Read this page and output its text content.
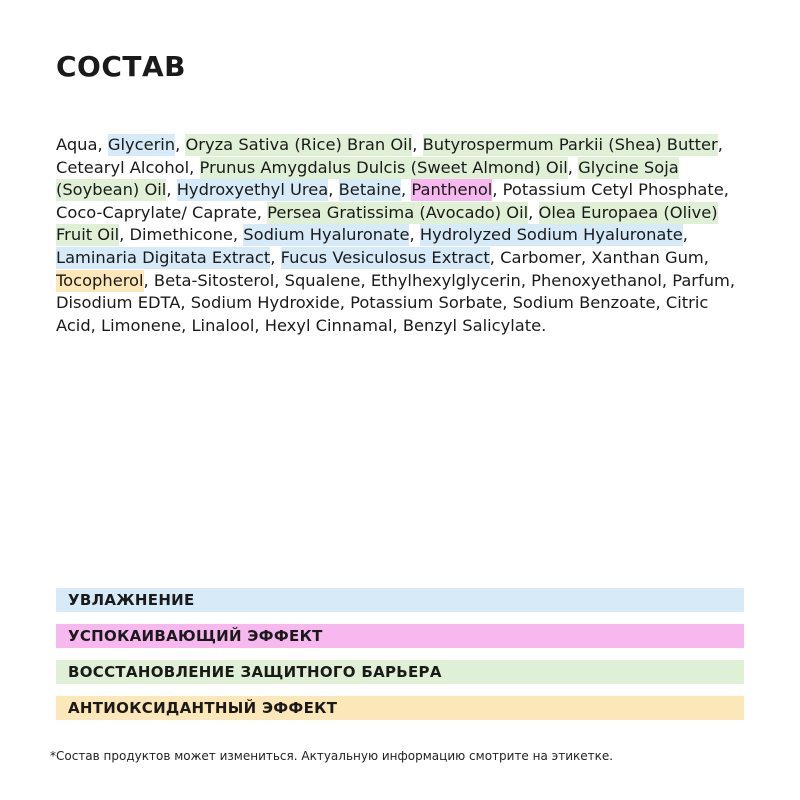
СОСТАВ

Aqua, Glycerin, Oryza Sativa (Rice) Bran Oil, Butyrospermum Parkii (Shea) Butter, Cetearyl Alcohol, Prunus Amygdalus Dulcis (Sweet Almond) Oil, Glycine Soja (Soybean) Oil, Hydroxyethyl Urea, Betaine, Panthenol, Potassium Cetyl Phosphate, Coco-Caprylate/ Caprate, Persea Gratissima (Avocado) Oil, Olea Europaea (Olive) Fruit Oil, Dimethicone, Sodium Hyaluronate, Hydrolyzed Sodium Hyaluronate, Laminaria Digitata Extract, Fucus Vesiculosus Extract, Carbomer, Xanthan Gum, Tocopherol, Beta-Sitosterol, Squalene, Ethylhexylglycerin, Phenoxyethanol, Parfum, Disodium EDTA, Sodium Hydroxide, Potassium Sorbate, Sodium Benzoate, Citric Acid, Limonene, Linalool, Hexyl Cinnamal, Benzyl Salicylate.

УВЛАЖНЕНИЕ
УСПОКАИВАЮЩИЙ ЭФФЕКТ
ВОССТАНОВЛЕНИЕ ЗАЩИТНОГО БАРЬЕРА
АНТИОКСИДАНТНЫЙ ЭФФЕКТ
*Состав продуктов может измениться. Актуальную информацию смотрите на этикетке.
